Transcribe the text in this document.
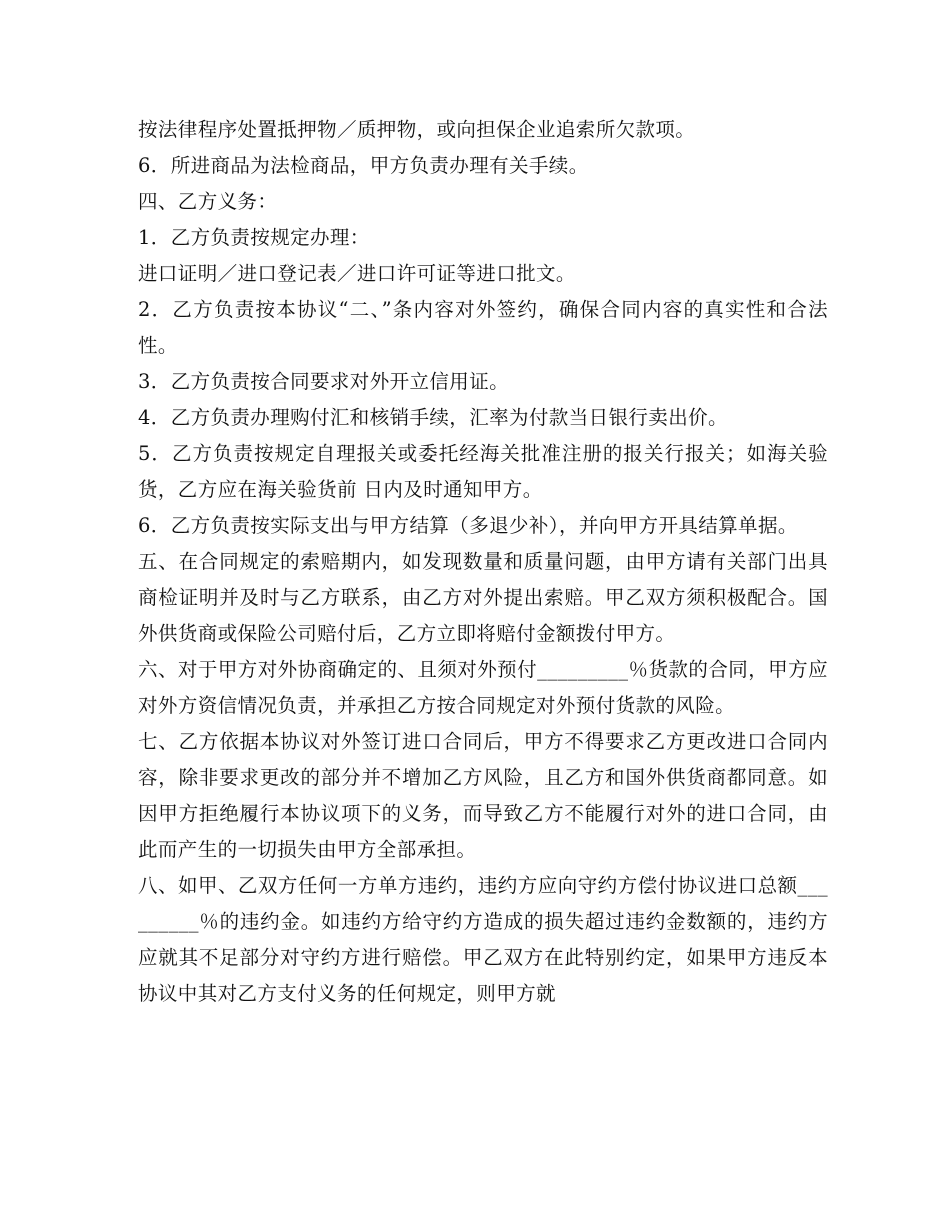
按法律程序处置抵押物／质押物，或向担保企业追索所欠款项。

6．所进商品为法检商品，甲方负责办理有关手续。

四、乙方义务：

1．乙方负责按规定办理：

进口证明／进口登记表／进口许可证等进口批文。

2．乙方负责按本协议“二、”条内容对外签约，确保合同内容的真实性和合法性。

3．乙方负责按合同要求对外开立信用证。

4．乙方负责办理购付汇和核销手续，汇率为付款当日银行卖出价。

5．乙方负责按规定自理报关或委托经海关批准注册的报关行报关；如海关验货，乙方应在海关验货前 日内及时通知甲方。

6．乙方负责按实际支出与甲方结算（多退少补），并向甲方开具结算单据。

五、在合同规定的索赔期内，如发现数量和质量问题，由甲方请有关部门出具商检证明并及时与乙方联系，由乙方对外提出索赔。甲乙双方须积极配合。国外供货商或保险公司赔付后，乙方立即将赔付金额拨付甲方。

六、对于甲方对外协商确定的、且须对外预付_________％货款的合同，甲方应对外方资信情况负责，并承担乙方按合同规定对外预付货款的风险。

七、乙方依据本协议对外签订进口合同后，甲方不得要求乙方更改进口合同内容，除非要求更改的部分并不增加乙方风险，且乙方和国外供货商都同意。如因甲方拒绝履行本协议项下的义务，而导致乙方不能履行对外的进口合同，由此而产生的一切损失由甲方全部承担。

八、如甲、乙双方任何一方单方违约，违约方应向守约方偿付协议进口总额_________％的违约金。如违约方给守约方造成的损失超过违约金数额的，违约方应就其不足部分对守约方进行赔偿。甲乙双方在此特别约定，如果甲方违反本协议中其对乙方支付义务的任何规定，则甲方就
